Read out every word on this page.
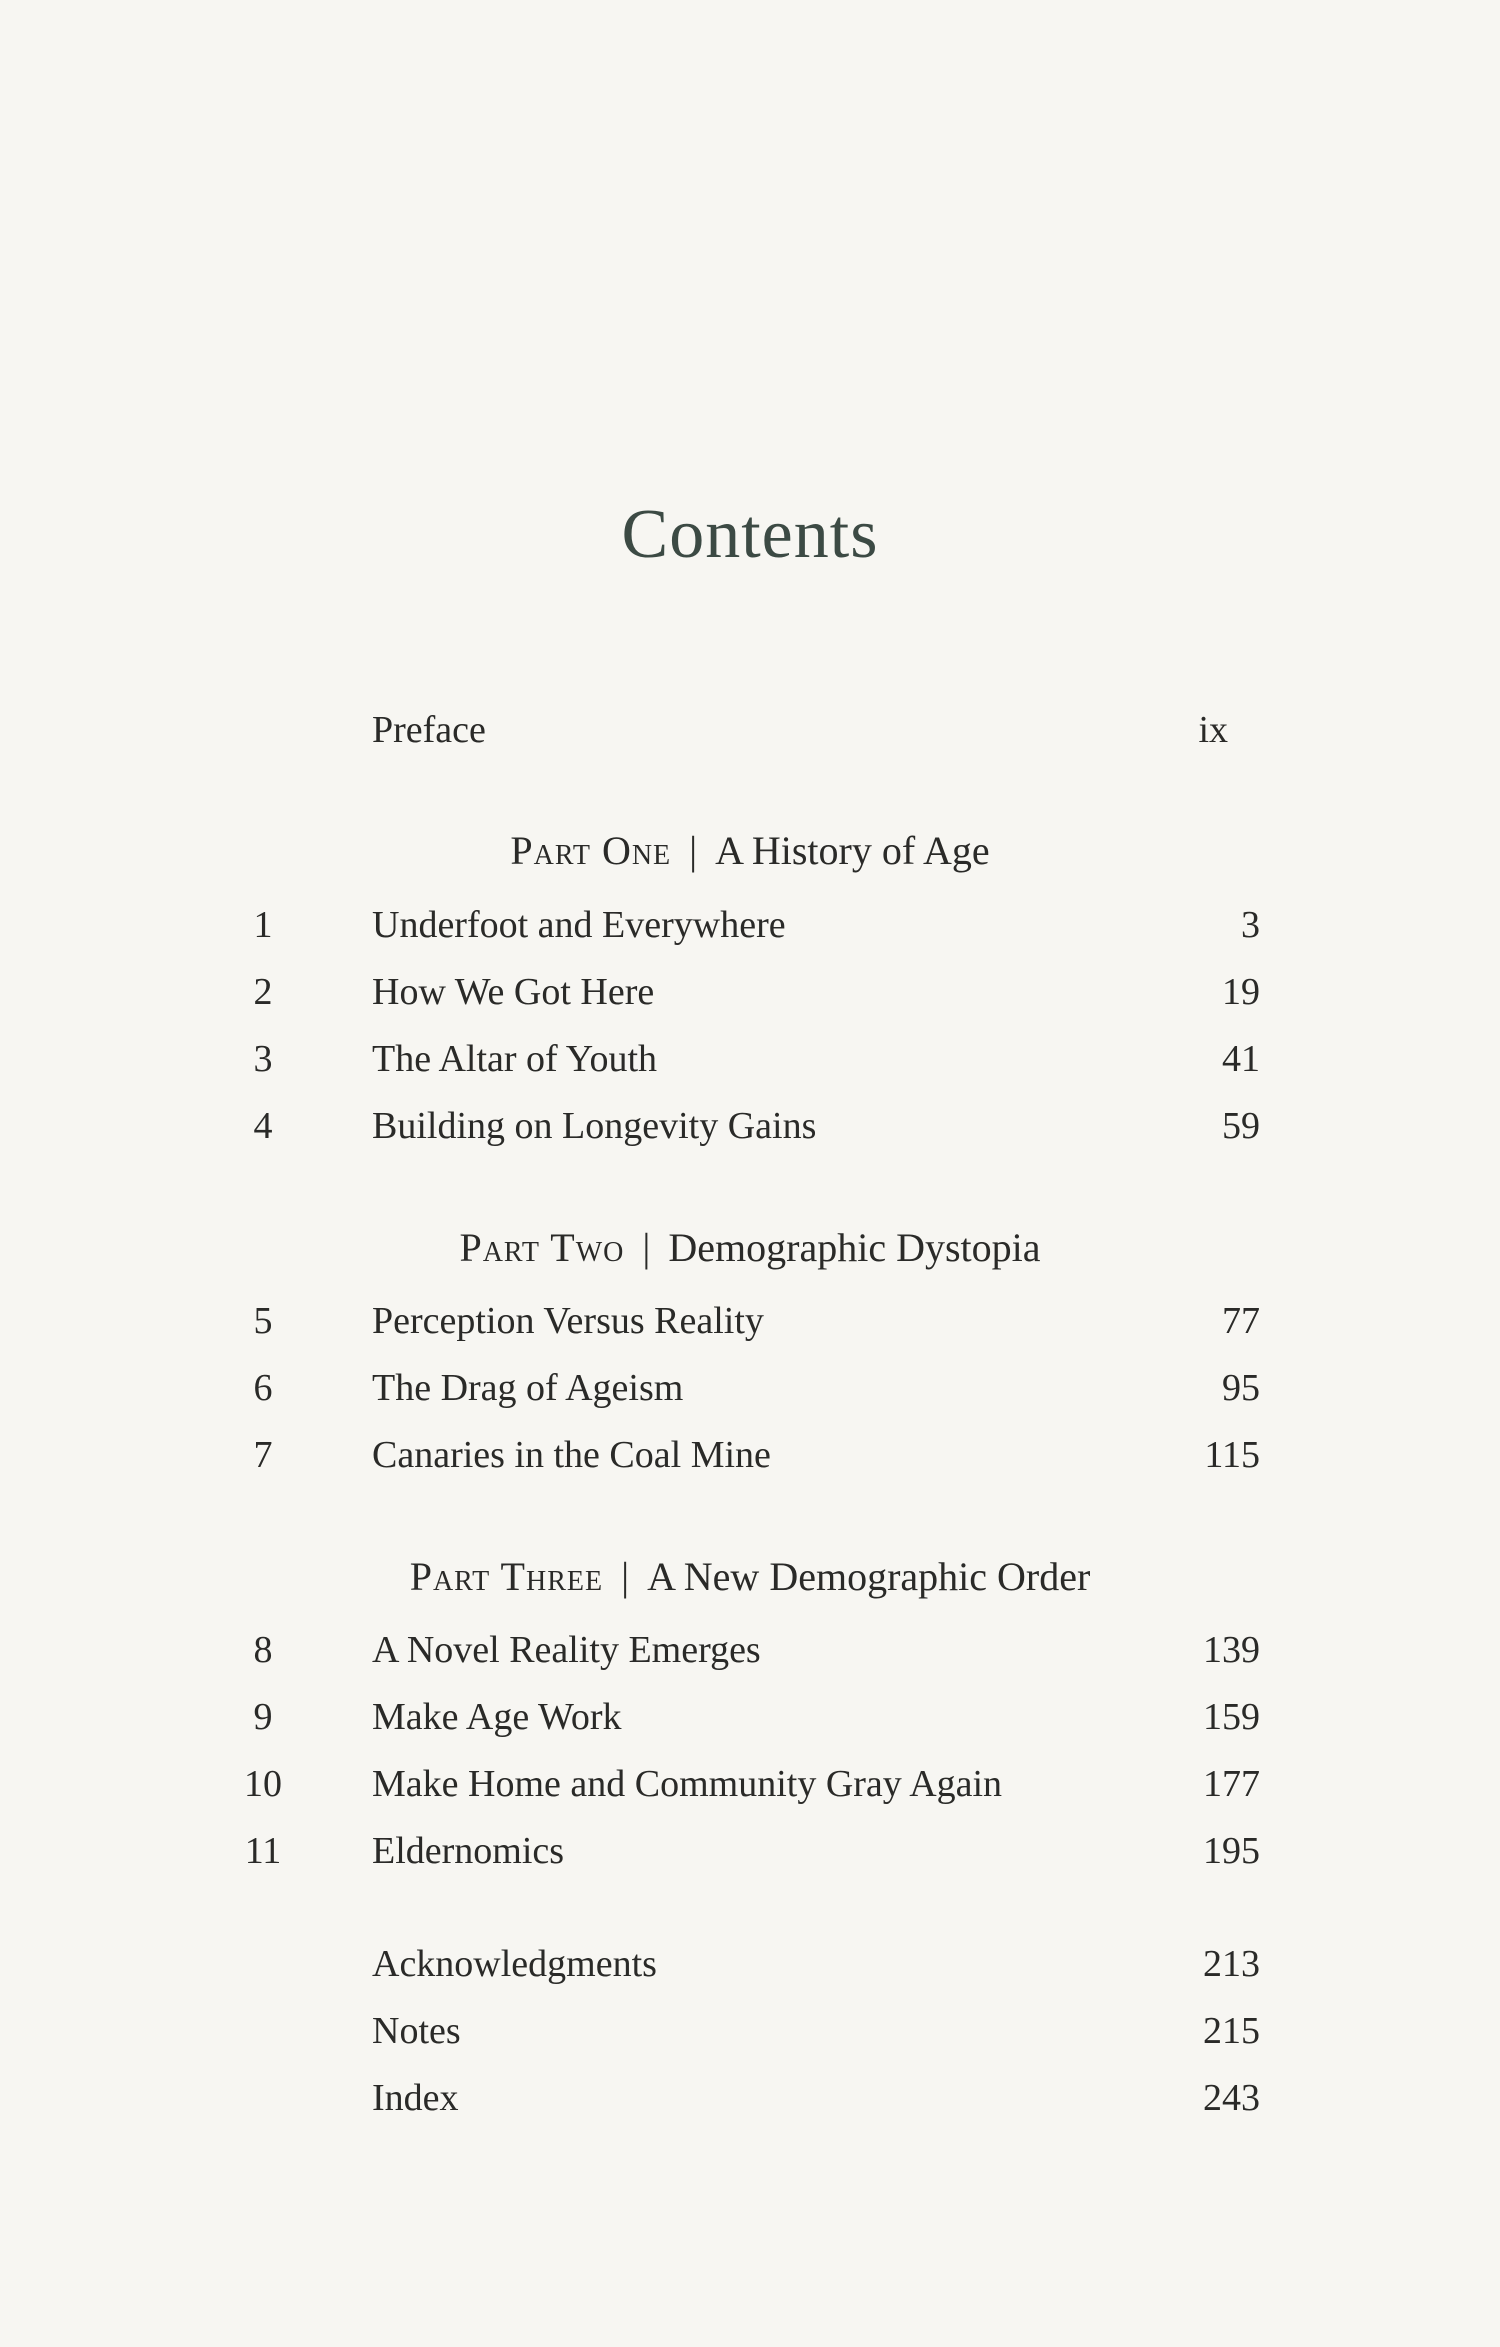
Contents
Preface	ix
Part One | A History of Age
1	Underfoot and Everywhere	3
2	How We Got Here	19
3	The Altar of Youth	41
4	Building on Longevity Gains	59
Part Two | Demographic Dystopia
5	Perception Versus Reality	77
6	The Drag of Ageism	95
7	Canaries in the Coal Mine	115
Part Three | A New Demographic Order
8	A Novel Reality Emerges	139
9	Make Age Work	159
10 Make Home and Community Gray Again	177
11 Eldernomics	195
Acknowledgments	213
Notes	215
Index	243
